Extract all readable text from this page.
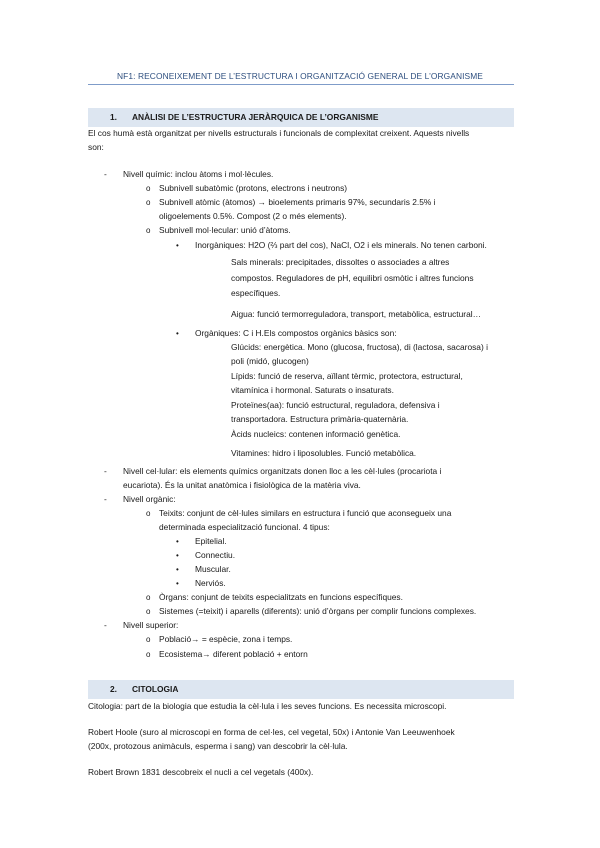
NF1: RECONEIXEMENT DE L’ESTRUCTURA I ORGANITZACIÓ GENERAL DE L’ORGANISME
1. ANÀLISI DE L’ESTRUCTURA JERÀRQUICA DE L’ORGANISME
El cos humà està organitzat per nivells estructurals i funcionals de complexitat creixent. Aquests nivells
son:
- Nivell químic: inclou àtoms i mol·lècules.
o Subnivell subatòmic (protons, electrons i neutrons)
o Subnivell atòmic (àtomos) → bioelements primaris 97%, secundaris 2.5% i
oligoelements 0.5%. Compost (2 o més elements).
o Subnivell mol·lecular: unió d’àtoms.
• Inorgàniques: H2O (⅔ part del cos), NaCl, O2 i els minerals. No tenen carboni.
Sals minerals: precipitades, dissoltes o associades a altres
compostos. Reguladores de pH, equilibri osmòtic i altres funcions
específiques.
Aigua: funció termorreguladora, transport, metabòlica, estructural…
• Orgàniques: C i H.Els compostos orgànics bàsics son:
Glúcids: energètica. Mono (glucosa, fructosa), di (lactosa, sacarosa) i
poli (midó, glucogen)
Lípids: funció de reserva, aïllant tèrmic, protectora, estructural,
vitamínica i hormonal. Saturats o insaturats.
Proteïnes(aa): funció estructural, reguladora, defensiva i
transportadora. Estructura primària-quaternària.
Àcids nucleics: contenen informació genètica.
Vitamines: hidro i liposolubles. Funció metabòlica.
- Nivell cel·lular: els elements químics organitzats donen lloc a les cèl·lules (procariota i
eucariota). És la unitat anatòmica i fisiològica de la matèria viva.
- Nivell orgànic:
o Teixits: conjunt de cèl·lules similars en estructura i funció que aconsegueix una
determinada especialització funcional. 4 tipus:
• Epitelial.
• Connectiu.
• Muscular.
• Nerviós.
o Òrgans: conjunt de teixits especialitzats en funcions específiques.
o Sistemes (=teixit) i aparells (diferents): unió d’òrgans per complir funcions complexes.
- Nivell superior:
o Població→ = espècie, zona i temps.
o Ecosistema→ diferent població + entorn
2. CITOLOGIA
Citologia: part de la biologia que estudia la cèl·lula i les seves funcions. Es necessita microscopi.
Robert Hoole (suro al microscopi en forma de cel·les, cel vegetal, 50x) i Antonie Van Leeuwenhoek
(200x, protozous animàculs, esperma i sang) van descobrir la cèl·lula.
Robert Brown 1831 descobreix el nucli a cel vegetals (400x).
